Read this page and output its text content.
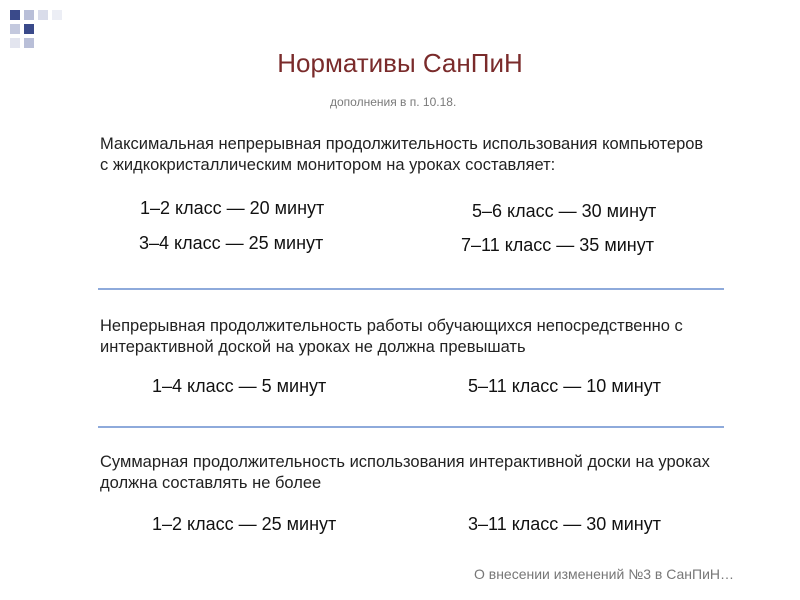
Нормативы СанПиН
дополнения в п. 10.18.
Максимальная непрерывная продолжительность использования компьютеров с жидкокристаллическим монитором на уроках составляет:
1–2 класс — 20 минут	5–6 класс — 30 минут
3–4 класс — 25 минут	7–11 класс — 35 минут
Непрерывная продолжительность работы обучающихся непосредственно с интерактивной доской на уроках не должна превышать
1–4 класс — 5 минут	5–11 класс — 10 минут
Суммарная продолжительность использования интерактивной доски на уроках должна составлять не более
1–2 класс — 25 минут	3–11 класс — 30 минут
О внесении изменений №3 в СанПиН…
